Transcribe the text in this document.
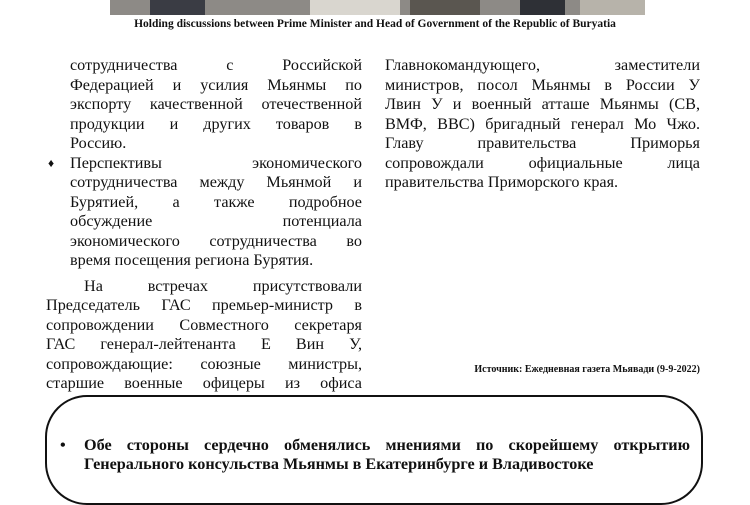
Holding discussions between Prime Minister and Head of Government of the Republic of Buryatia
сотрудничества с Российской
Федерацией и усилия Мьянмы по
экспорту качественной отечественной
продукции и других товаров в
Россию.
♦ Перспективы экономического
сотрудничества между Мьянмой и
Бурятией, а также подробное
обсуждение потенциала
экономического сотрудничества во
время посещения региона Бурятия.
На встречах присутствовали
Председатель ГАС премьер-министр в
сопровождении Совместного секретаря
ГАС генерал-лейтенанта Е Вин У,
сопровождающие: союзные министры,
старшие военные офицеры из офиса
Главнокомандующего, заместители
министров, посол Мьянмы в России У
Лвин У и военный атташе Мьянмы (СВ,
ВМФ, ВВС) бригадный генерал Мо Чжо.
Главу правительства Приморья
сопровождали официальные лица
правительства Приморского края.
Источник: Ежедневная газета Мьявади (9-9-2022)
•	Обе стороны сердечно обменялись мнениями по скорейшему открытию
Генерального консульства Мьянмы в Екатеринбурге и Владивостоке
